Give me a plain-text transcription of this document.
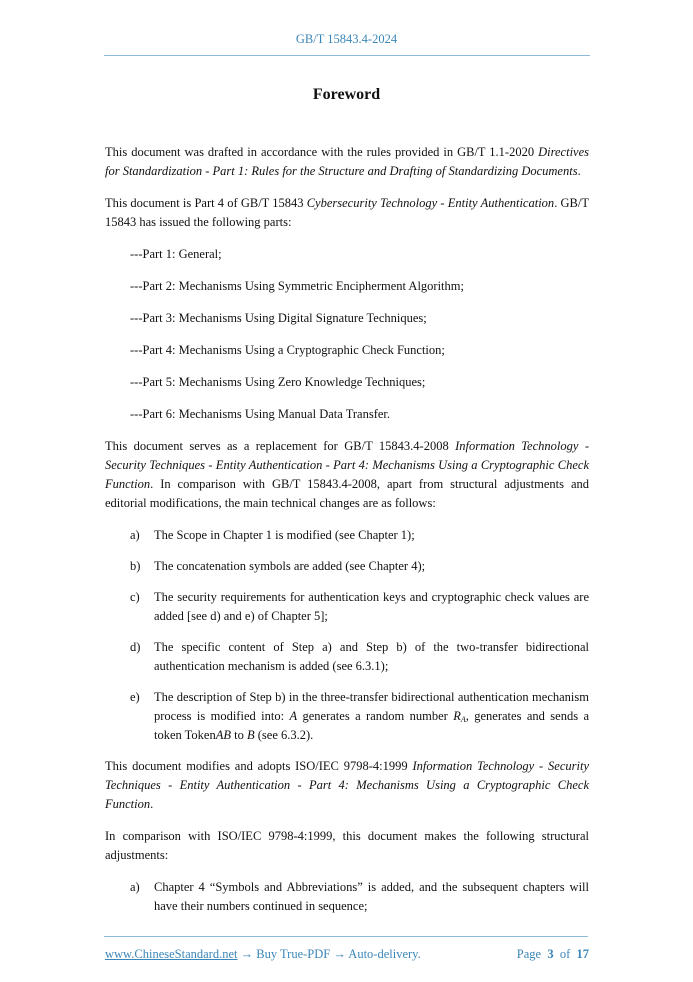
GB/T 15843.4-2024
Foreword
This document was drafted in accordance with the rules provided in GB/T 1.1-2020 Directives for Standardization - Part 1: Rules for the Structure and Drafting of Standardizing Documents.
This document is Part 4 of GB/T 15843 Cybersecurity Technology - Entity Authentication. GB/T 15843 has issued the following parts:
---Part 1: General;
---Part 2: Mechanisms Using Symmetric Encipherment Algorithm;
---Part 3: Mechanisms Using Digital Signature Techniques;
---Part 4: Mechanisms Using a Cryptographic Check Function;
---Part 5: Mechanisms Using Zero Knowledge Techniques;
---Part 6: Mechanisms Using Manual Data Transfer.
This document serves as a replacement for GB/T 15843.4-2008 Information Technology - Security Techniques - Entity Authentication - Part 4: Mechanisms Using a Cryptographic Check Function. In comparison with GB/T 15843.4-2008, apart from structural adjustments and editorial modifications, the main technical changes are as follows:
a)	The Scope in Chapter 1 is modified (see Chapter 1);
b)	The concatenation symbols are added (see Chapter 4);
c)	The security requirements for authentication keys and cryptographic check values are added [see d) and e) of Chapter 5];
d)	The specific content of Step a) and Step b) of the two-transfer bidirectional authentication mechanism is added (see 6.3.1);
e)	The description of Step b) in the three-transfer bidirectional authentication mechanism process is modified into: A generates a random number $R_A$, generates and sends a token TokenAB to B (see 6.3.2).
This document modifies and adopts ISO/IEC 9798-4:1999 Information Technology - Security Techniques - Entity Authentication - Part 4: Mechanisms Using a Cryptographic Check Function.
In comparison with ISO/IEC 9798-4:1999, this document makes the following structural adjustments:
a)	Chapter 4 “Symbols and Abbreviations” is added, and the subsequent chapters will have their numbers continued in sequence;
www.ChineseStandard.net → Buy True-PDF → Auto-delivery.	Page 3 of 17
